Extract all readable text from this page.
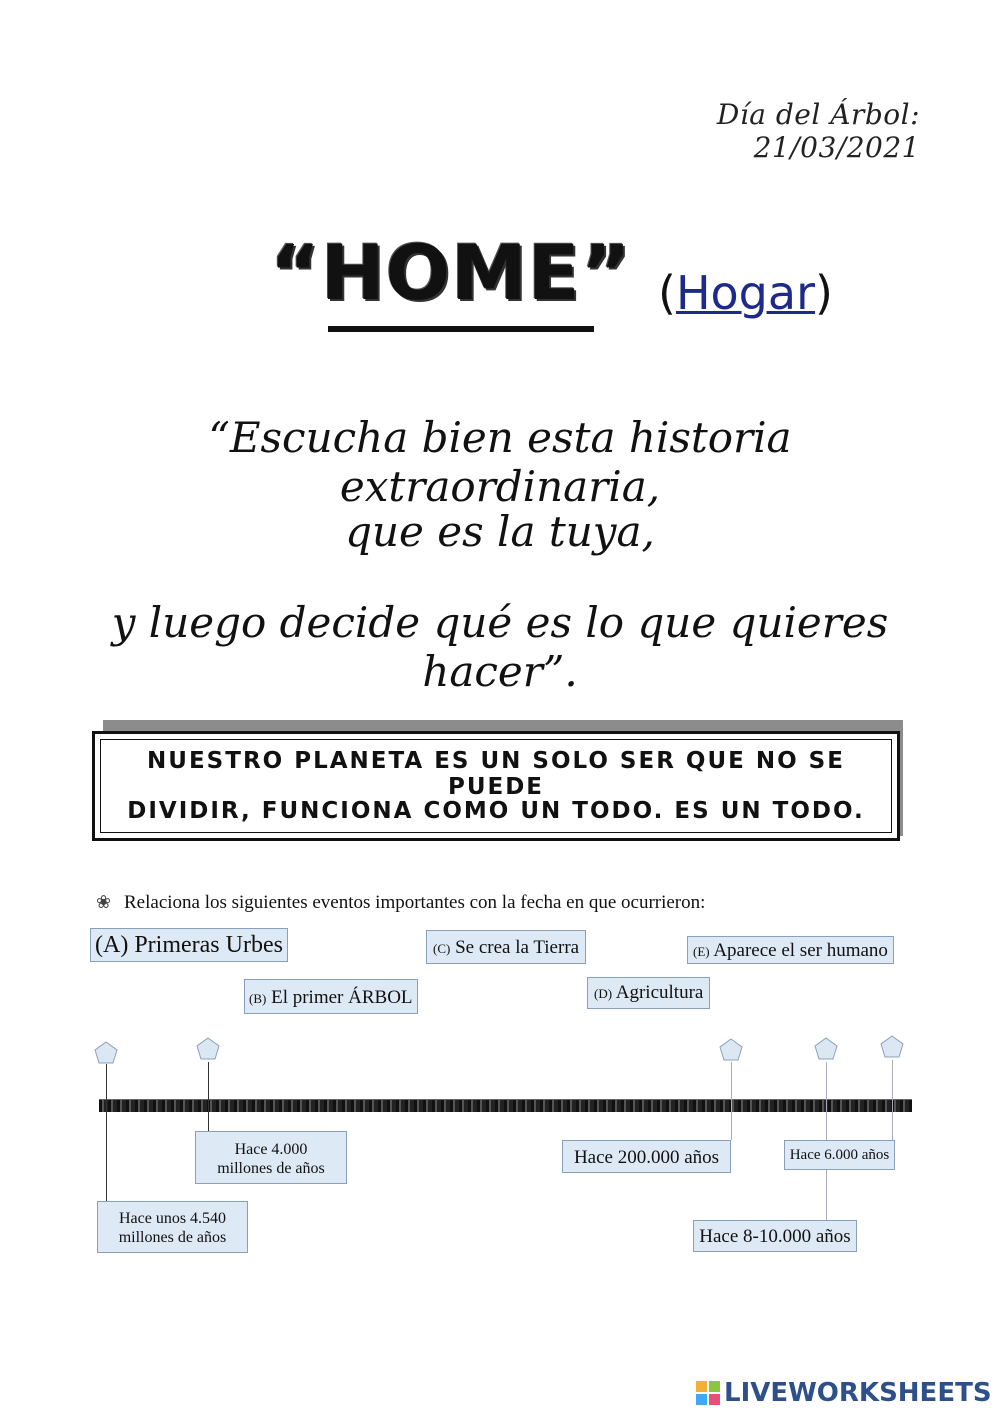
Día del Árbol: 21/03/2021
“HOME” (Hogar)
“Escucha bien esta historia extraordinaria,
que es la tuya,
y luego decide qué es lo que quieres hacer”.
NUESTRO PLANETA ES UN SOLO SER QUE NO SE PUEDE
DIVIDIR, FUNCIONA COMO UN TODO. ES UN TODO.
❀ Relaciona los siguientes eventos importantes con la fecha en que ocurrieron:
(A) Primeras Urbes	(C) Se crea la Tierra	(E) Aparece el ser humano
(B) El primer ÁRBOL	(D) Agricultura
Hace unos 4.540
millones de años
Hace 4.000
millones de años
Hace 200.000 años	Hace 6.000 años
Hace 8-10.000 años
LIVEWORKSHEETS
